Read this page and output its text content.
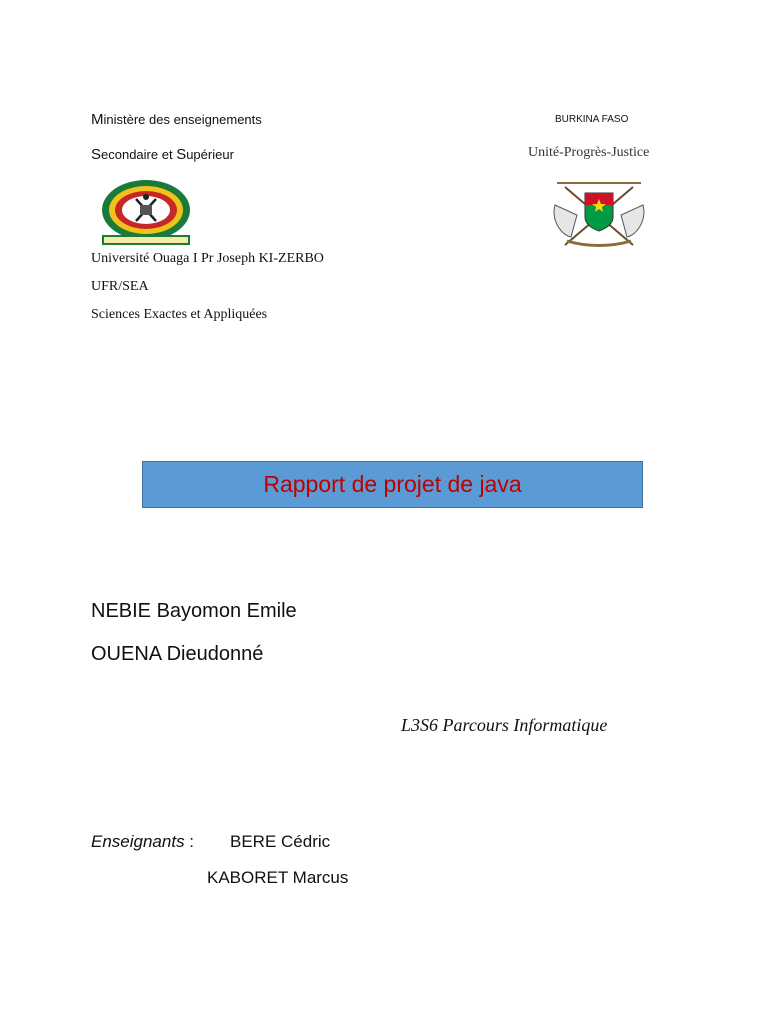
Ministère des enseignements
Secondaire et Supérieur
BURKINA FASO
Unité-Progrès-Justice
Université Ouaga I Pr Joseph KI-ZERBO
UFR/SEA
Sciences Exactes et Appliquées
Rapport de projet de java
NEBIE Bayomon Emile
OUENA Dieudonné
L3S6 Parcours Informatique
Enseignants : BERE Cédric
KABORET Marcus
